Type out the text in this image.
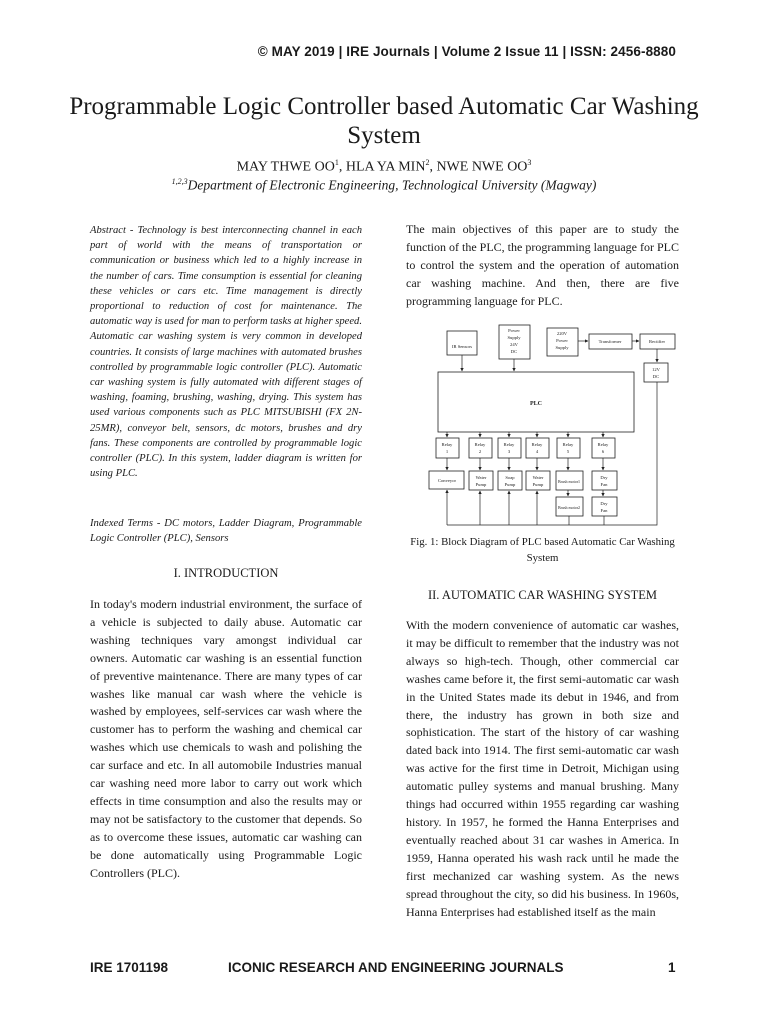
© MAY 2019 | IRE Journals | Volume 2 Issue 11 | ISSN: 2456-8880
Programmable Logic Controller based Automatic Car Washing System
MAY THWE $OO^1$, HLA YA MIN$^2$, NWE NWE $OO^3$
$^{1,2,3}$Department of Electronic Engineering, Technological University (Magway)

Abstract - Technology is best interconnecting channel in each part of world with the means of transportation or communication or business which led to a highly increase in the number of cars. Time consumption is essential for cleaning these vehicles or cars etc. Time management is directly proportional to reduction of cost for maintenance. The automatic way is used for man to perform tasks at higher speed. Automatic car washing system is very common in developed countries. It consists of large machines with automated brushes controlled by programmable logic controller (PLC). Automatic car washing system is fully automated with different stages of washing, foaming, brushing, washing, drying. This system has used various components such as PLC MITSUBISHI (FX 2N-25MR), conveyor belt, sensors, dc motors, brushes and dry fans. These components are controlled by programmable logic controller (PLC). In this system, ladder diagram is written for using PLC.

Indexed Terms - DC motors, Ladder Diagram, Programmable Logic Controller (PLC), Sensors

I. INTRODUCTION

In today's modern industrial environment, the surface of a vehicle is subjected to daily abuse. Automatic car washing techniques vary amongst individual car owners. Automatic car washing is an essential function of preventive maintenance. There are many types of car washes like manual car wash where the vehicle is washed by employees, self-services car wash where the customer has to perform the washing and chemical car washes which use chemicals to wash and polishing the car surface and etc. In all automobile Industries manual car washing need more labor to carry out work which effects in time consumption and also the results may or may not be satisfactory to the customer that depends. So as to overcome these issues, automatic car washing can be done automatically using Programmable Logic Controllers (PLC).

The main objectives of this paper are to study the function of the PLC, the programming language for PLC to control the system and the operation of automation car washing machine. And then, there are five programming language for PLC.

IR Sensors
Power
Supply
24V
DC
220V
Power
Supply
Transformer	Rectifier
12V
DC
PLC
Relay
1
Relay
2
Relay
3
Relay
4
Relay
5
Relay
6
Conveyor
Water
Pump
Soap
Pump
Water
Pump
Brush motor1
Dry
Fan
Brush motor2
Dry
Fan
Fig. 1: Block Diagram of PLC based Automatic Car Washing System
II. AUTOMATIC CAR WASHING SYSTEM

With the modern convenience of automatic car washes, it may be difficult to remember that the industry was not always so high-tech. Though, other commercial car washes came before it, the first semi-automatic car wash in the United States made its debut in 1946, and from there, the industry has grown in both size and sophistication. The start of the history of car washing dated back into 1914. The first semi-automatic car wash was active for the first time in Detroit, Michigan using automatic pulley systems and manual brushing. Many things had occurred within 1955 regarding car washing history. In 1957, he formed the Hanna Enterprises and eventually reached about 31 car washes in America. In 1959, Hanna operated his wash rack until he made the first mechanized car washing system. As the news spread throughout the city, so did his business. In 1960s, Hanna Enterprises had established itself as the main

IRE 1701198	ICONIC RESEARCH AND ENGINEERING JOURNALS	1
